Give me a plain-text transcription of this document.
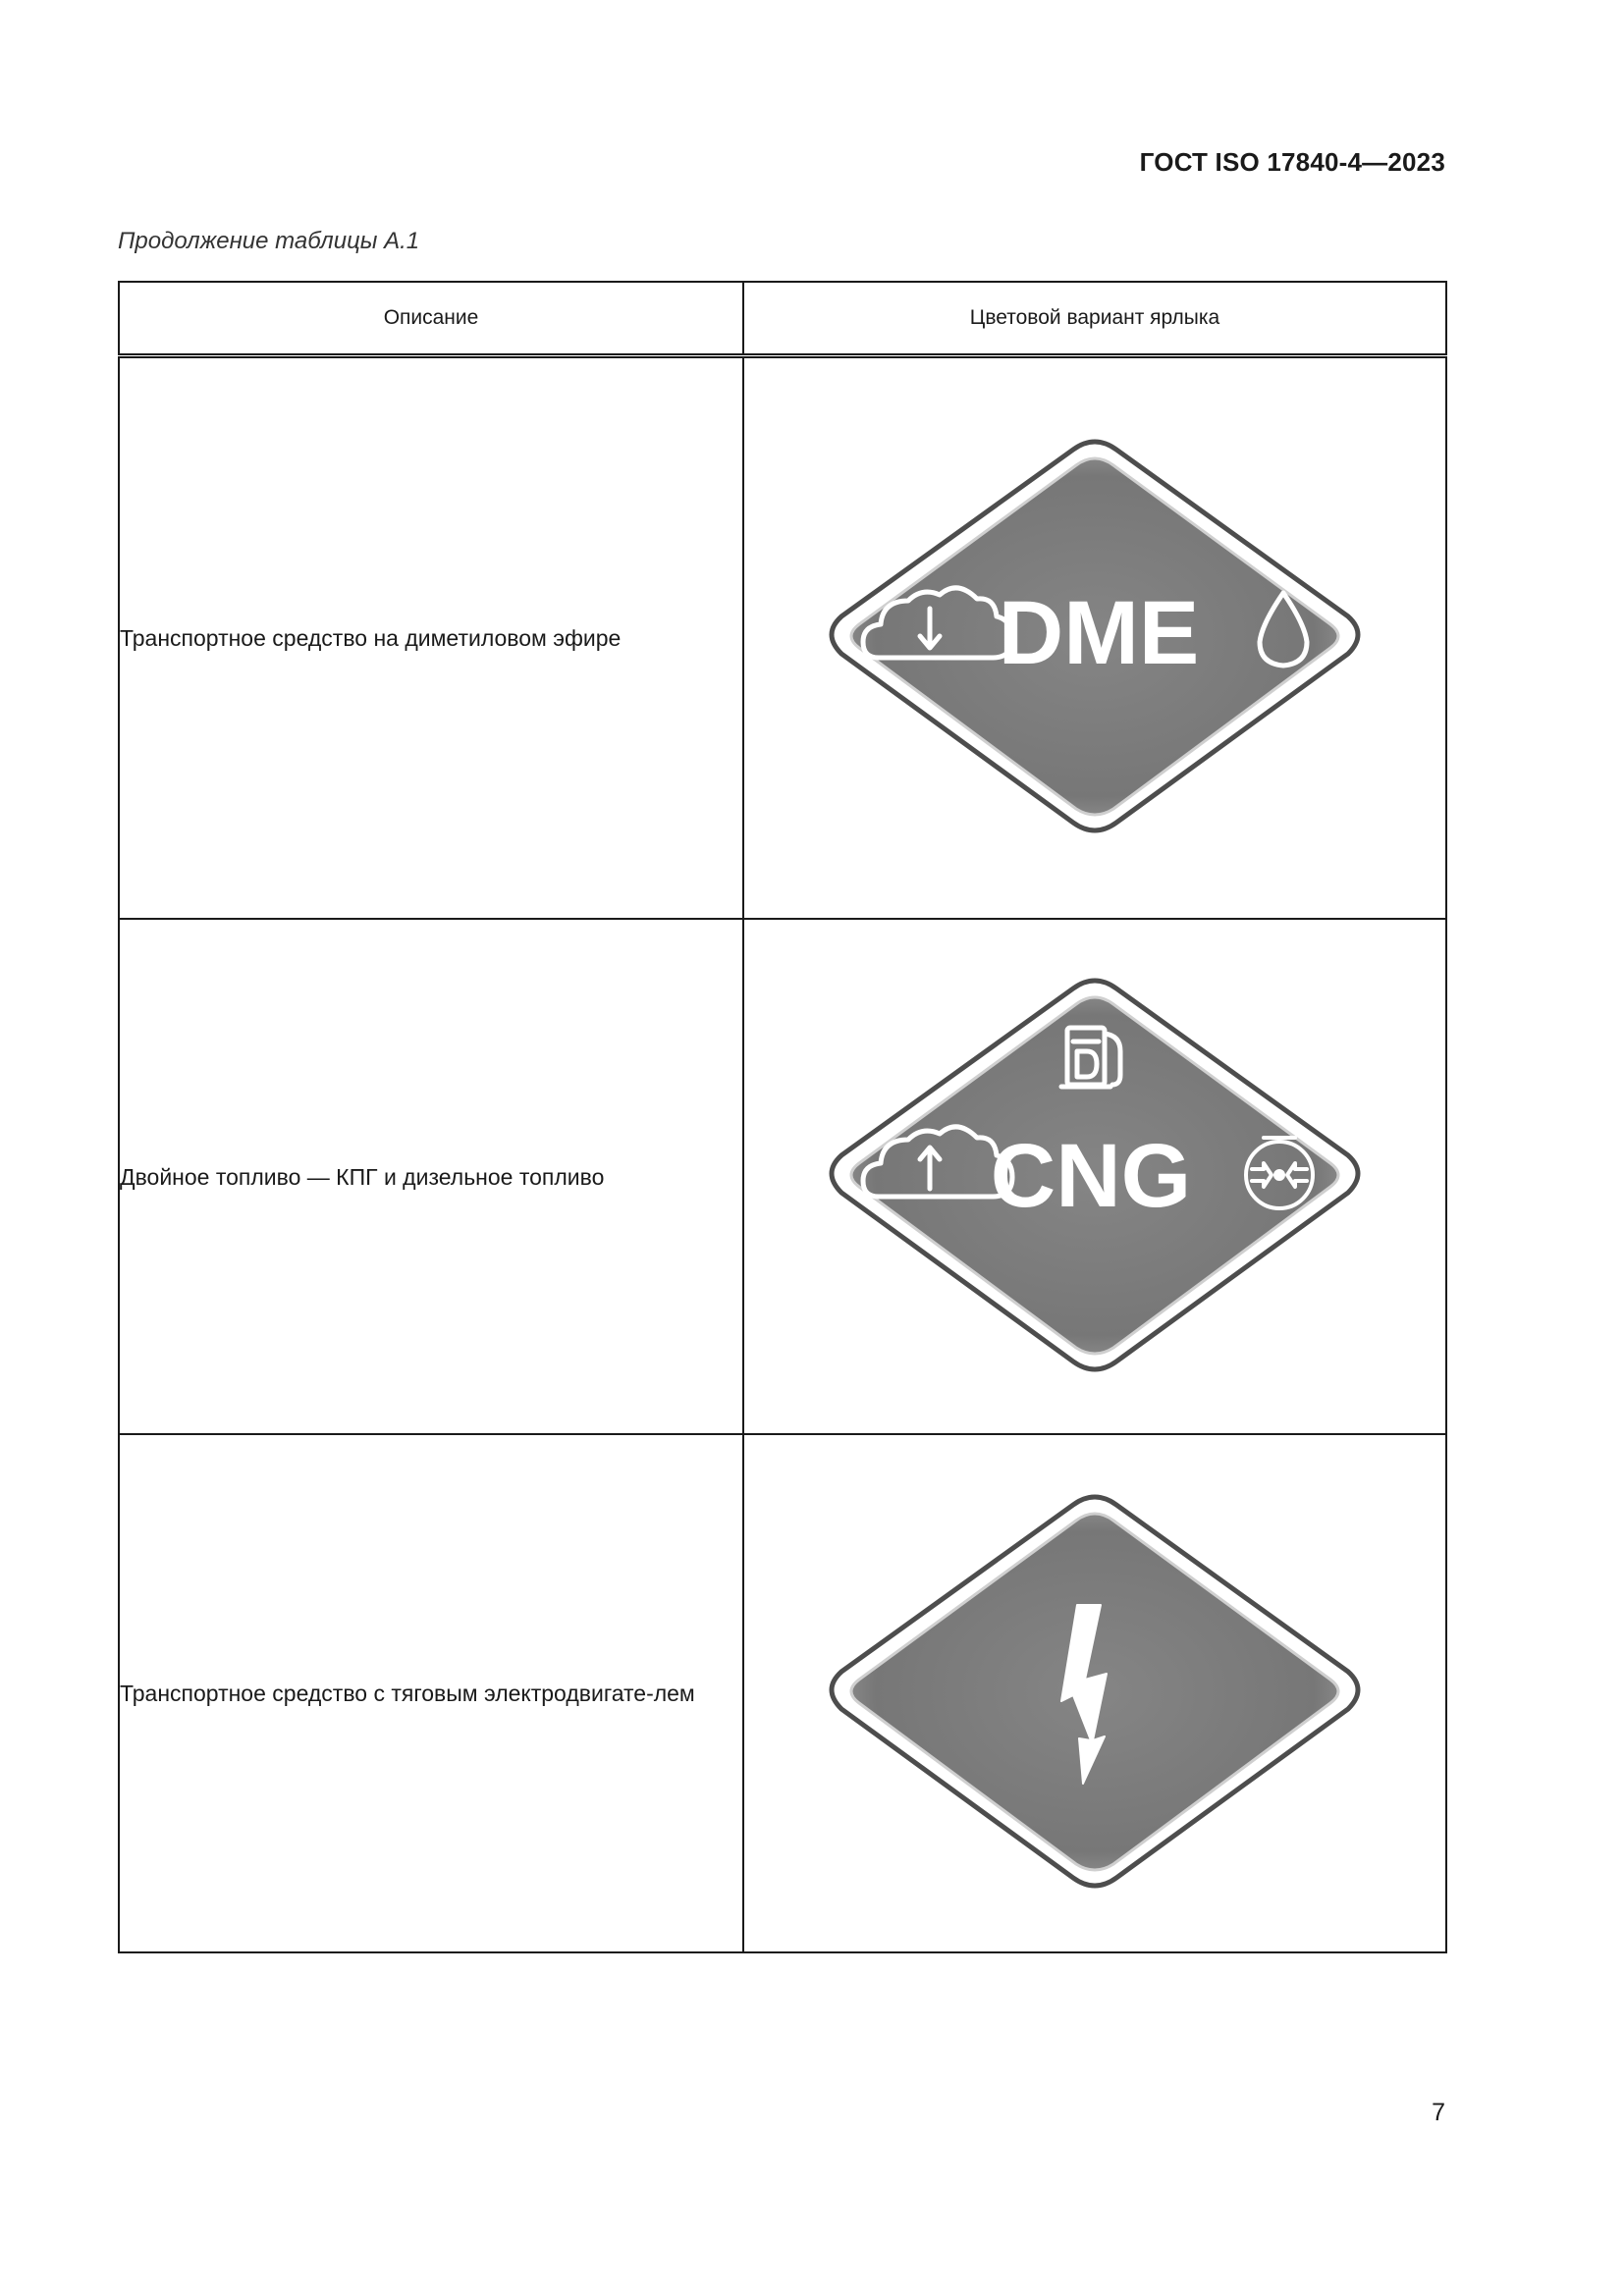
ГОСТ ISO 17840-4—2023
Продолжение таблицы А.1
Описание	Цветовой вариант ярлыка

Транспортное средство на диметиловом эфире	DME

Двойное топливо — КПГ и дизельное топливо	CNG

Транспортное средство с тяговым электродвигате-лем

7
